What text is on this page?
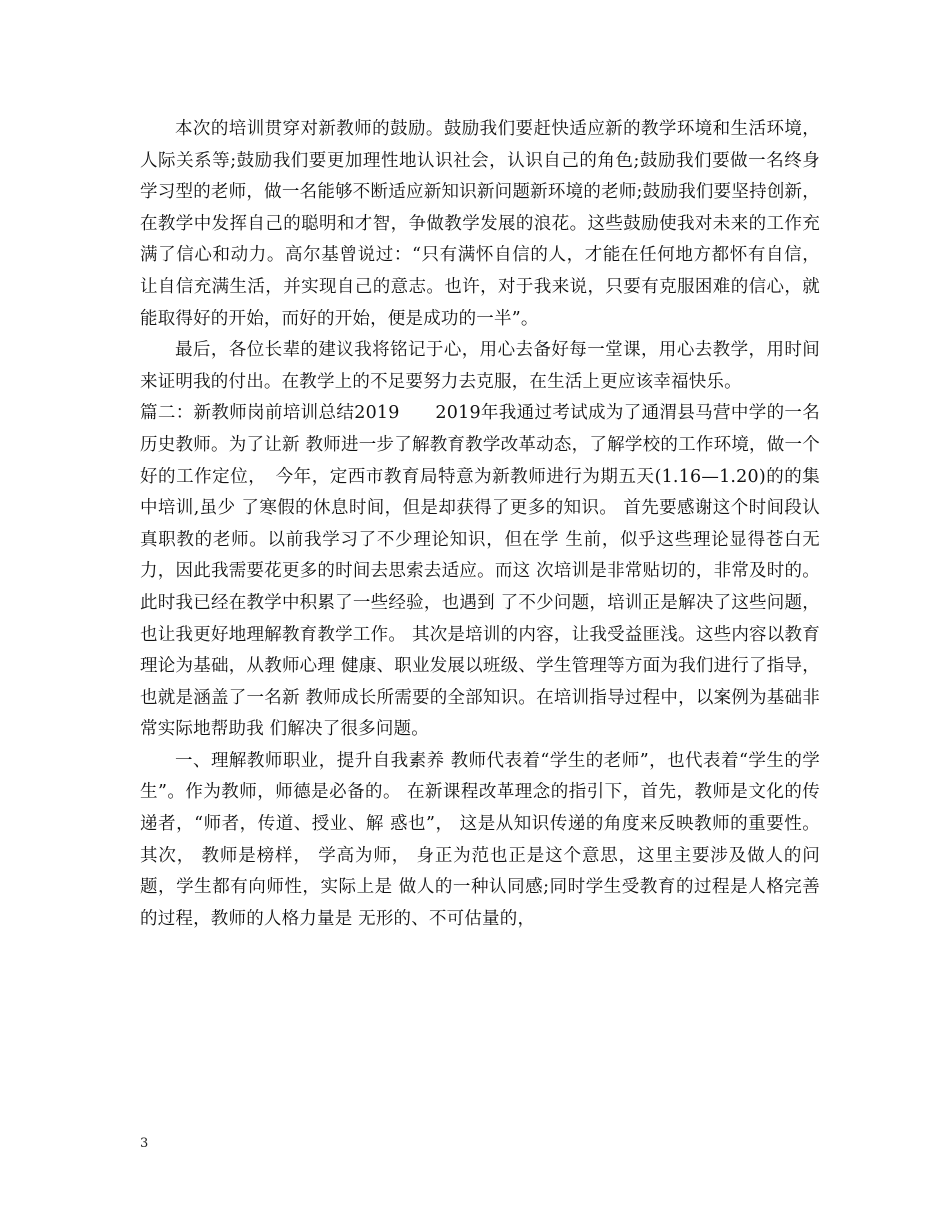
本次的培训贯穿对新教师的鼓励。鼓励我们要赶快适应新的教学环境和生活环境，人际关系等;鼓励我们要更加理性地认识社会，认识自己的角色;鼓励我们要做一名终身学习型的老师，做一名能够不断适应新知识新问题新环境的老师;鼓励我们要坚持创新，在教学中发挥自己的聪明和才智，争做教学发展的浪花。这些鼓励使我对未来的工作充满了信心和动力。高尔基曾说过：“只有满怀自信的人，才能在任何地方都怀有自信，让自信充满生活，并实现自己的意志。也许，对于我来说，只要有克服困难的信心，就能取得好的开始，而好的开始，便是成功的一半”。

最后，各位长辈的建议我将铭记于心，用心去备好每一堂课，用心去教学，用时间来证明我的付出。在教学上的不足要努力去克服，在生活上更应该幸福快乐。

篇二：新教师岗前培训总结2019　　2019年我通过考试成为了通渭县马营中学的一名历史教师。为了让新 教师进一步了解教育教学改革动态，了解学校的工作环境，做一个好的工作定位，　今年，定西市教育局特意为新教师进行为期五天(1.16—1.20)的的集中培训,虽少 了寒假的休息时间，但是却获得了更多的知识。 首先要感谢这个时间段认真职教的老师。以前我学习了不少理论知识，但在学 生前，似乎这些理论显得苍白无力，因此我需要花更多的时间去思索去适应。而这 次培训是非常贴切的，非常及时的。此时我已经在教学中积累了一些经验，也遇到 了不少问题，培训正是解决了这些问题，也让我更好地理解教育教学工作。 其次是培训的内容，让我受益匪浅。这些内容以教育理论为基础，从教师心理 健康、职业发展以班级、学生管理等方面为我们进行了指导，也就是涵盖了一名新 教师成长所需要的全部知识。在培训指导过程中，以案例为基础非常实际地帮助我 们解决了很多问题。

一、理解教师职业，提升自我素养 教师代表着“学生的老师”，也代表着“学生的学生”。作为教师，师德是必备的。 在新课程改革理念的指引下，首先，教师是文化的传递者，“师者，传道、授业、解 惑也”， 这是从知识传递的角度来反映教师的重要性。 其次， 教师是榜样， 学高为师， 身正为范也正是这个意思，这里主要涉及做人的问题，学生都有向师性，实际上是 做人的一种认同感;同时学生受教育的过程是人格完善的过程，教师的人格力量是 无形的、不可估量的，

3
